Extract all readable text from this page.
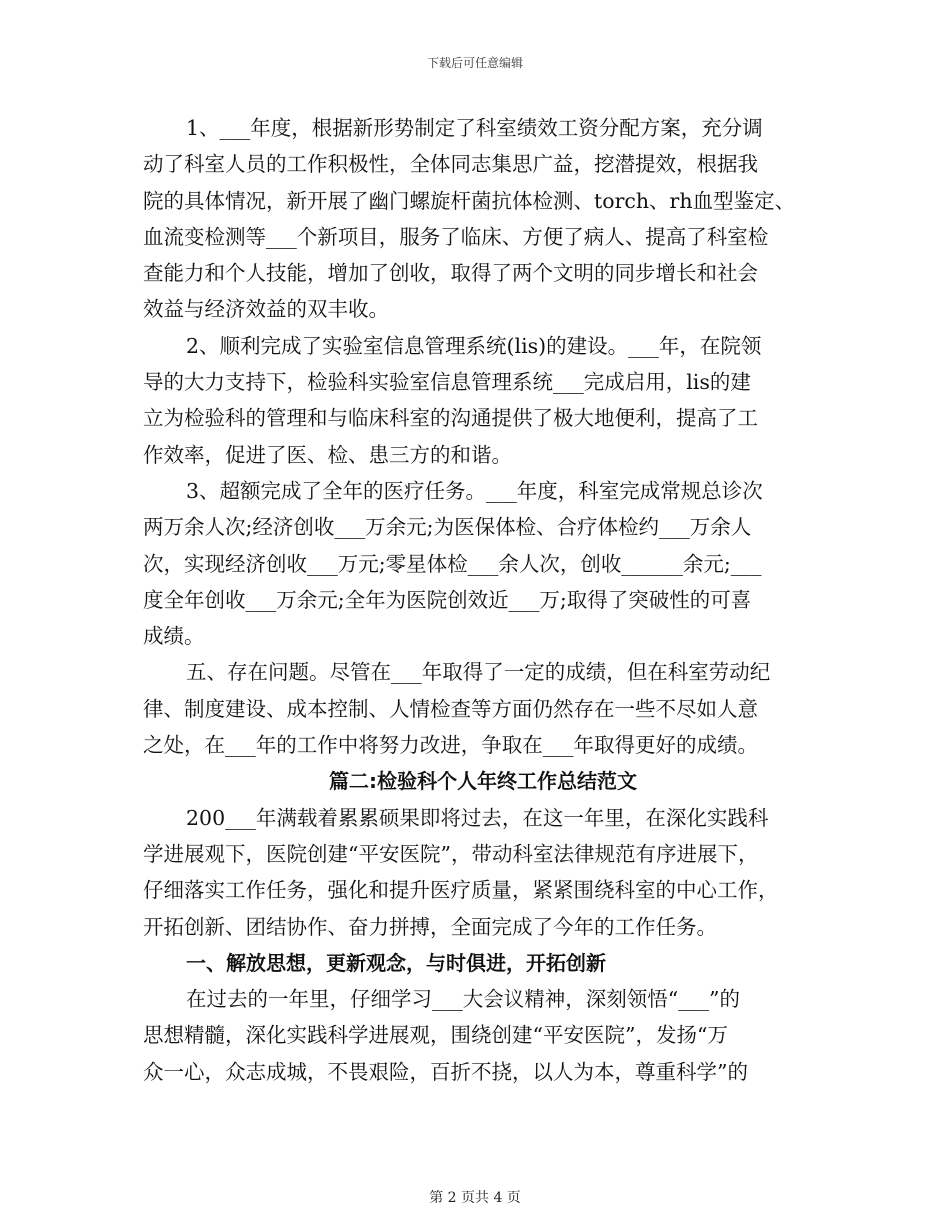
下载后可任意编辑
1、___年度，根据新形势制定了科室绩效工资分配方案，充分调
动了科室人员的工作积极性，全体同志集思广益，挖潜提效，根据我
院的具体情况，新开展了幽门螺旋杆菌抗体检测、torch、rh血型鉴定、
血流变检测等___个新项目，服务了临床、方便了病人、提高了科室检
查能力和个人技能，增加了创收，取得了两个文明的同步增长和社会
效益与经济效益的双丰收。
2、顺利完成了实验室信息管理系统(lis)的建设。___年，在院领
导的大力支持下，检验科实验室信息管理系统___完成启用，lis的建
立为检验科的管理和与临床科室的沟通提供了极大地便利，提高了工
作效率，促进了医、检、患三方的和谐。
3、超额完成了全年的医疗任务。___年度，科室完成常规总诊次
两万余人次;经济创收___万余元;为医保体检、合疗体检约___万余人
次，实现经济创收___万元;零星体检___余人次，创收______余元;___
度全年创收___万余元;全年为医院创效近___万;取得了突破性的可喜
成绩。
五、存在问题。尽管在___年取得了一定的成绩，但在科室劳动纪
律、制度建设、成本控制、人情检查等方面仍然存在一些不尽如人意
之处，在___年的工作中将努力改进，争取在___年取得更好的成绩。
篇二:检验科个人年终工作总结范文
200___年满载着累累硕果即将过去，在这一年里，在深化实践科
学进展观下，医院创建“平安医院”，带动科室法律规范有序进展下，
仔细落实工作任务，强化和提升医疗质量，紧紧围绕科室的中心工作，
开拓创新、团结协作、奋力拼搏，全面完成了今年的工作任务。
一、解放思想，更新观念，与时俱进，开拓创新
在过去的一年里，仔细学习___大会议精神，深刻领悟“___”的
思想精髓，深化实践科学进展观，围绕创建“平安医院”，发扬“万
众一心，众志成城，不畏艰险，百折不挠，以人为本，尊重科学”的
第 2 页共 4 页
